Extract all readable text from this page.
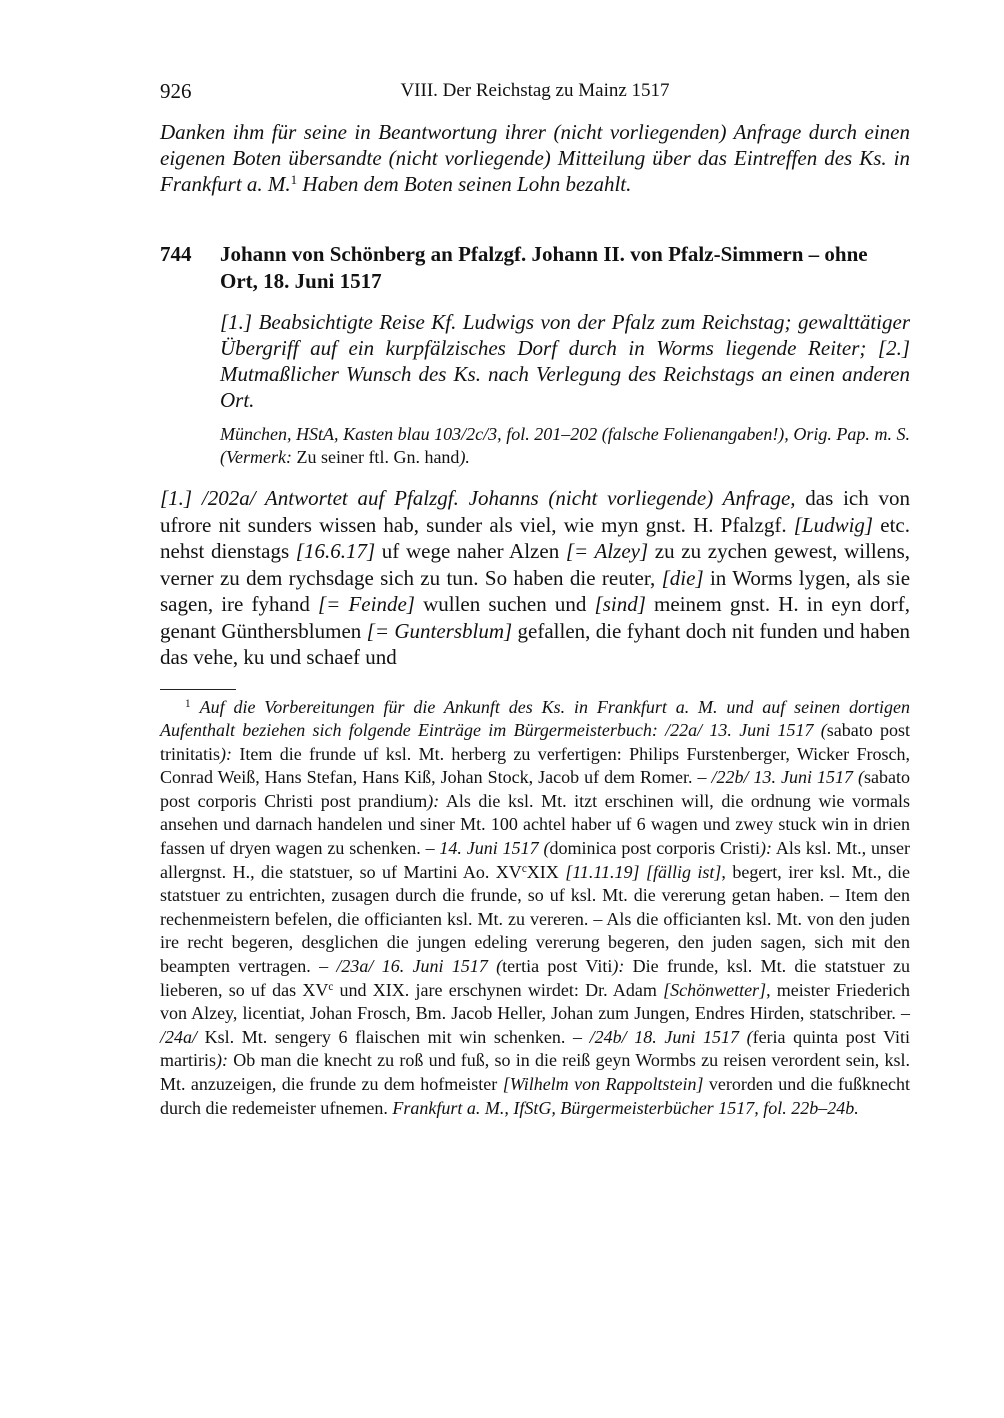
926	VIII. Der Reichstag zu Mainz 1517

Danken ihm für seine in Beantwortung ihrer (nicht vorliegenden) Anfrage durch einen eigenen Boten übersandte (nicht vorliegende) Mitteilung über das Eintreffen des Ks. in Frankfurt a. M.$^1$ Haben dem Boten seinen Lohn bezahlt.

744	Johann von Schönberg an Pfalzgf. Johann II. von Pfalz-Simmern – ohne Ort, 18. Juni 1517

[1.] Beabsichtigte Reise Kf. Ludwigs von der Pfalz zum Reichstag; gewalttätiger Übergriff auf ein kurpfälzisches Dorf durch in Worms liegende Reiter; [2.] Mutmaßlicher Wunsch des Ks. nach Verlegung des Reichstags an einen anderen Ort.

München, HStA, Kasten blau 103/2c/3, fol. 201–202 (falsche Folienangaben!), Orig. Pap. m. S. (Vermerk: Zu seiner ftl. Gn. hand).

[1.] /202a/ Antwortet auf Pfalzgf. Johanns (nicht vorliegende) Anfrage, das ich von ufrore nit sunders wissen hab, sunder als viel, wie myn gnst. H. Pfalzgf. [Ludwig] etc. nehst dienstags [16.6.17] uf wege naher Alzen [= Alzey] zu zu zychen gewest, willens, verner zu dem rychsdage sich zu tun. So haben die reuter, [die] in Worms lygen, als sie sagen, ire fyhand [= Feinde] wullen suchen und [sind] meinem gnst. H. in eyn dorf, genant Günthersblumen [= Guntersblum] gefallen, die fyhant doch nit funden und haben das vehe, ku und schaef und

$^1$ Auf die Vorbereitungen für die Ankunft des Ks. in Frankfurt a. M. und auf seinen dortigen Aufenthalt beziehen sich folgende Einträge im Bürgermeisterbuch: /22a/ 13. Juni 1517 (sabato post trinitatis): Item die frunde uf ksl. Mt. herberg zu verfertigen: Philips Furstenberger, Wicker Frosch, Conrad Weiß, Hans Stefan, Hans Kiß, Johan Stock, Jacob uf dem Romer. – /22b/ 13. Juni 1517 (sabato post corporis Christi post prandium): Als die ksl. Mt. itzt erschinen will, die ordnung wie vormals ansehen und darnach handelen und siner Mt. 100 achtel haber uf 6 wagen und zwey stuck win in drien fassen uf dryen wagen zu schenken. – 14. Juni 1517 (dominica post corporis Cristi): Als ksl. Mt., unser allergnst. H., die statstuer, so uf Martini Ao. $XV^cXIX$ [11.11.19] [fällig ist], begert, irer ksl. Mt., die statstuer zu entrichten, zusagen durch die frunde, so uf ksl. Mt. die vererung getan haben. – Item den rechenmeistern befelen, die officianten ksl. Mt. zu vereren. – Als die officianten ksl. Mt. von den juden ire recht begeren, desglichen die jungen edeling vererung begeren, den juden sagen, sich mit den beampten vertragen. – /23a/ 16. Juni 1517 (tertia post Viti): Die frunde, ksl. Mt. die statstuer zu lieberen, so uf das $XV^c$ und XIX. jare erschynen wirdet: Dr. Adam [Schönwetter], meister Friederich von Alzey, licentiat, Johan Frosch, Bm. Jacob Heller, Johan zum Jungen, Endres Hirden, statschriber. – /24a/ Ksl. Mt. sengery 6 flaischen mit win schenken. – /24b/ 18. Juni 1517 (feria quinta post Viti martiris): Ob man die knecht zu roß und fuß, so in die reiß geyn Wormbs zu reisen verordent sein, ksl. Mt. anzuzeigen, die frunde zu dem hofmeister [Wilhelm von Rappoltstein] verorden und die fußknecht durch die redemeister ufnemen. Frankfurt a. M., IfStG, Bürgermeisterbücher 1517, fol. 22b–24b.
